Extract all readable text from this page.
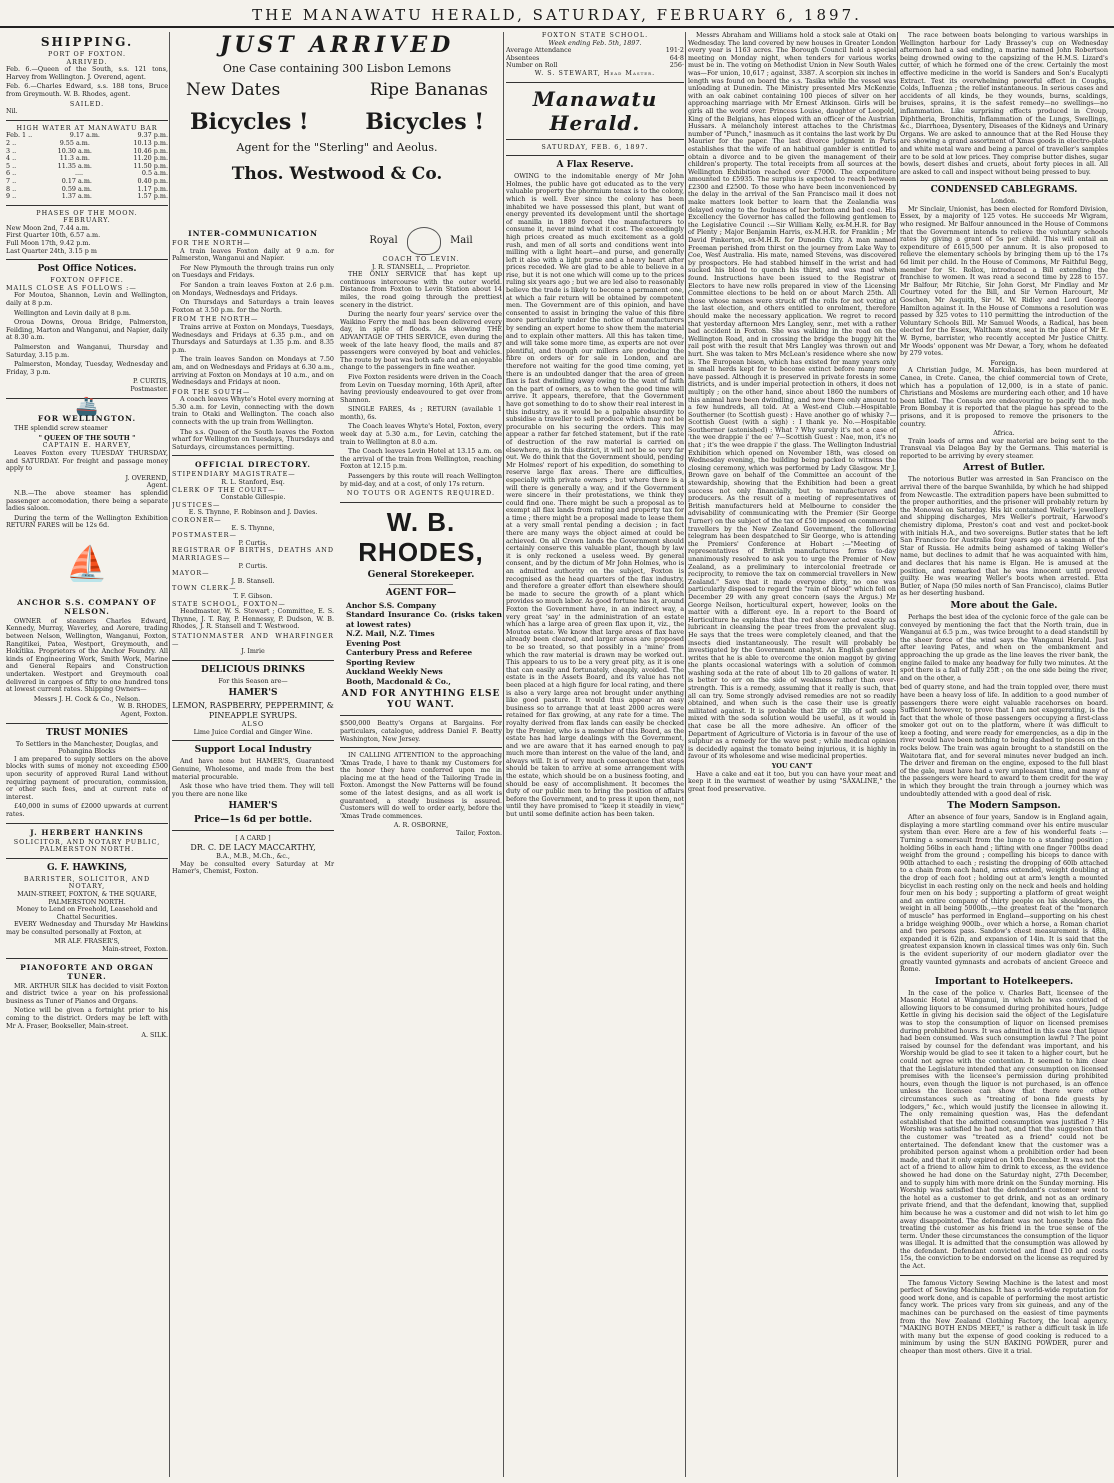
THE MANAWATU HERALD, SATURDAY, FEBRUARY 6, 1897.
SHIPPING.
PORT OF FOXTON.
ARRIVED.

Feb. 6.—Queen of the South, s.s. 121 tons, Harvey from Wellington. J. Overend, agent.

Feb. 6.—Charles Edward, s.s. 188 tons, Bruce from Greymouth. W. B. Rhodes, agent.

SAILED.

Nil.

HIGH WATER AT MANAWATU BAR
Feb. 1 ..	9.17 a.m.	9.37 p.m.
2 ..	9.55 a.m.	10.13 p.m.
3 ..	10.30 a.m.	10.46 p.m.
4 ..	11.3 a.m.	11.20 p.m.
5 ..	11.35 a.m.	11.50 p.m.
6 ..	....	0.5 a.m.
7 ..	0.17 a.m.	0.40 p.m.
8 ..	0.59 a.m.	1.17 p.m.
9 ..	1.37 a.m.	1.57 p.m.
PHASES OF THE MOON.
FEBRUARY.
New Moon 2nd, 7.44 a.m.
First Quarter 10th, 6.57 a.m.
Full Moon 17th, 9.42 p.m.
Last Quarter 24th, 3.15 p m
Post Office Notices.
FOXTON OFFICE.
MAILS CLOSE AS FOLLOWS :—

For Moutoa, Shannon, Levin and Wellington, daily at 8 p.m.

Wellington and Levin daily at 8 p.m.

Oroua Downs, Oroua Bridge, Palmerston, Feilding, Marton and Wanganui, and Napier, daily at 8.30 a.m.

Palmerston and Wanganui, Thursday and Saturday, 3.15 p.m.

Palmerston, Monday, Tuesday, Wednesday and Friday, 3 p.m.

P. CURTIS,
Postmaster.
🚢
FOR WELLINGTON.

THE splendid screw steamer

" QUEEN OF THE SOUTH "
CAPTAIN E. HARVEY,

Leaves Foxton every TUESDAY THURSDAY, and SATURDAY. For freight and passage money apply to

J. OVEREND,
Agent.

N.B.—The above steamer has splendid passenger accomodation, there being a separate ladies saloon.

During the term of the Wellington Exhibition RETURN FARES will be 12s 6d.

⛵
ANCHOR S.S. COMPANY OF NELSON.

OWNER of steamers Charles Edward, Kennedy, Murray, Waverley, and Aorere, trading between Nelson, Wellington, Wanganui, Foxton, Rangitikei, Patea, Westport, Greymouth, and Hokitika. Proprietors of the Anchor Foundry. All kinds of Engineering Work, Smith Work, Marine and General Repairs and Construction undertaken. Westport and Greymouth coal delivered in cargoes of fifty to one hundred tons at lowest current rates. Shipping Owners—

Messrs J. H. Cock & Co., Nelson.
W. B. RHODES,
Agent, Foxton.
TRUST MONIES
To Settlers in the Manchester, Douglas, and Pohangina Blocks

I am prepared to supply settlers on the above blocks with sums of money not exceeding £500 upon security of approved Rural Land without requiring payment of procuration, commission, or other such fees, and at current rate of interest.

£40,000 in sums of £2000 upwards at current rates.

J. HERBERT HANKINS
SOLICITOR, AND NOTARY PUBLIC,
PALMERSTON NORTH.
G. F. HAWKINS,
BARRISTER, SOLICITOR, AND NOTARY,
MAIN-STREET, FOXTON, & THE SQUARE, PALMERSTON NORTH.
Money to Lend on Freehold, Leasehold and Chattel Securities.

EVERY Wednesday and Thursday Mr Hawkins may be consulted personally at Foxton, at

MR ALF. FRASER'S,
Main-street, Foxton.
PIANOFORTE AND ORGAN TUNER.

MR. ARTHUR SILK has decided to visit Foxton and district twice a year on his professional business as Tuner of Pianos and Organs.

Notice will be given a fortnight prior to his coming to the district. Orders may be left with Mr A. Fraser, Bookseller, Main-street.

A. SILK.
JUST ARRIVED
One Case containing 300 Lisbon Lemons
New Dates	Ripe Bananas
Bicycles !	Bicycles !
Agent for the "Sterling" and Aeolus.
Thos. Westwood & Co.
INTER-COMMUNICATION
FOR THE NORTH—

A train leaves Foxton daily at 9 a.m. for Palmerston, Wanganui and Napier.

For New Plymouth the through trains run only on Tuesdays and Fridays.

For Sandon a train leaves Foxton at 2.6 p.m. on Mondays, Wednesdays and Fridays.

On Thursdays and Saturdays a train leaves Foxton at 3.50 p.m. for the North.

FROM THE NORTH—

Trains arrive at Foxton on Mondays, Tuesdays, Wednesdays and Fridays at 6.35 p.m., and on Thursdays and Saturdays at 1.35 p.m. and 8.35 p.m.

The train leaves Sandon on Mondays at 7.50 am, and on Wednesdays and Fridays at 6.30 a.m., arriving at Foxton on Mondays at 10 a.m., and on Wednesdays and Fridays at noon.

FOR THE SOUTH—

A coach leaves Whyte's Hotel every morning at 5.30 a.m. for Levin, connecting with the down train to Otaki and Wellington. The coach also connects with the up train from Wellington.

The s.s. Queen of the South leaves the Foxton wharf for Wellington on Tuesdays, Thursdays and Saturdays, circumstances permitting.

OFFICIAL DIRECTORY.
STIPENDIARY MAGISTRATE—
R. L. Stanford, Esq.
CLERK OF THE COURT—
Constable Gillespie.
JUSTICES—
E. S. Thynne, F. Robinson and J. Davies.
CORONER—
E. S. Thynne,
POSTMASTER—
P. Curtis.
REGISTRAR OF BIRTHS, DEATHS AND MARRIAGES—
P. Curtis.
MAYOR—
J. B. Stansell.
TOWN CLERK—
T. F. Gibson.
STATE SCHOOL, FOXTON—

Headmaster, W. S. Stewart ; Committee, E. S. Thynne, J. T. Ray, P. Hennessy, P. Dudson, W. B. Rhodes, J. R. Stansell and T. Westwood.

STATIONMASTER AND WHARFINGER—
J. Imrie
DELICIOUS DRINKS
For this Season are—
HAMER'S
LEMON, RASPBERRY, PEPPERMINT, & PINEAPPLE SYRUPS.
ALSO
Lime Juice Cordial and Ginger Wine.
Support Local Industry

And have none but HAMER'S, Guaranteed Genuine, Wholesome, and made from the best material procurable.

Ask those who have tried them. They will tell you there are none like

HAMER'S
Price—1s 6d per bottle.
[ A CARD ]
DR. C. DE LACY MACCARTHY,
B.A., M.B., M.Ch., &c.,

May be consulted every Saturday at Mr Hamer's, Chemist, Foxton.

Royal	Mail
COACH TO LEVIN.
J. R. STANSELL, ... Proprietor.

THE ONLY SERVICE that has kept up continuous intercourse with the outer world. Distance from Foxton to Levin Station about 14 miles, the road going through the prettiest scenery in the district.

During the nearly four years' service over the Waikino Ferry the mail has been delivered every day, in spite of floods. As showing THE ADVANTAGE OF THIS SERVICE, even during the week of the late heavy flood, the mails and 87 passengers were conveyed by boat and vehicles. The route by boat was both safe and an enjoyable change to the passengers in fine weather.

Five Foxton residents were driven in the Coach from Levin on Tuesday morning, 16th April, after having previously endeavoured to get over from Shannon.

SINGLE FARES, 4s ; RETURN (available 1 month), 6s.

The Coach leaves Whyte's Hotel, Foxton, every week day at 5.30 a.m., for Levin, catching the train to Wellington at 8.0 a.m.

The Coach leaves Levin Hotel at 13.15 a.m. on the arrival of the train from Wellington, reaching Foxton at 12.15 p.m.

Passengers by this route will reach Wellington by mid-day, and at a cost, of only 17s return.

NO TOUTS OR AGENTS REQUIRED.
W. B. RHODES,
General Storekeeper.
AGENT FOR—
Anchor S.S. Company
Standard Insurance Co. (risks taken at lowest rates)
N.Z. Mail, N.Z. Times
Evening Post
Canterbury Press and Referee
Sporting Review
Auckland Weekly News
Booth, Macdonald & Co.,
AND FOR ANYTHING ELSE YOU WANT.

$500,000 Beatty's Organs at Bargains. For particulars, catalogue, address Daniel F. Beatty Washington, New Jersey.

IN CALLING ATTENTION to the approaching 'Xmas Trade, I have to thank my Customers for the honor they have conferred upon me in placing me at the head of the Tailoring Trade in Foxton. Amongst the New Patterns will be found some of the latest designs, and as all work is guaranteed, a steady business is assured. Customers will do well to order early, before the 'Xmas Trade commences.

A. R. OSBORNE,
Tailor, Foxton.
FOXTON STATE SCHOOL.
Week ending Feb. 5th, 1897.
Average Attendance	191·2
Absentees	64·8
Number on Roll	256·
W. S. STEWART, Head Master.
Manawatu Herald.
SATURDAY, FEB. 6, 1897.
A Flax Reserve.

OWING to the indomitable energy of Mr John Holmes, the public have got educated as to the very valuable property the phormium tenax is to the colony, which is well. Ever since the colony has been inhabited we have possessed this plant, but want of energy prevented its development until the shortage of manilla in 1889 forced the manufacturers to consume it, never mind what it cost. The exceedingly high prices created as much excitement as a gold rush, and men of all sorts and conditions went into milling with a light heart—and purse, and generally left it also with a light purse and a heavy heart after prices receded. We are glad to be able to believe in a rise, but it is not one which will come up to the prices ruling six years ago ; but we are led also to reasonably believe the trade is likely to become a permanent one, at which a fair return will be obtained by competent men. The Government are of this opinion, and have consented to assist in bringing the value of this fibre more particularly under the notice of manufacturers by sending an expert home to show them the material and to explain other matters. All this has taken time, and will take some more time, as experts are not over plentiful, and though our millers are producing the fibre on orders or for sale in London, and are therefore not waiting for the good time coming, yet there is an undoubted danger that the area of green flax is fast dwindling away owing to the want of faith on the part of owners, as to when the good time will arrive. It appears, therefore, that the Government have got something to do to show their real interest in this industry, as it would be a palpable absurdity to subsidise a traveller to sell produce which may not be procurable on his securing the orders. This may appear a rather far fetched statement, but if the rate of destruction of the raw material is carried on elsewhere, as in this district, it will not be so very far out. We do think that the Government should, pending Mr Holmes' report of his expedition, do something to reserve large flax areas. There are difficulties, especially with private owners ; but where there is a will there is generally a way, and if the Government were sincere in their protestations, we think they could find one. There might be such a proposal as to exempt all flax lands from rating and property tax for a time ; there might be a proposal made to lease them at a very small rental pending a decision ; in fact there are many ways the object aimed at could be achieved. On all Crown lands the Government should certainly conserve this valuable plant, though by law it is only reckoned a useless weed. By general consent, and by the dictum of Mr John Holmes, who is an admitted authority on the subject, Foxton is recognised as the head quarters of the flax industry, and therefore a greater effort than elsewhere should be made to secure the growth of a plant which provides so much labor. As good fortune has it, around Foxton the Government have, in an indirect way, a very great 'say' in the administration of an estate which has a large area of green flax upon it, viz., the Moutoa estate. We know that large areas of flax have already been cleared, and larger areas are proposed to be so treated, so that possibly in a 'mine' from which the raw material is drawn may be worked out. This appears to us to be a very great pity, as it is one that can easily and fortunately, cheaply, avoided. The estate is in the Assets Board, and its value has not been placed at a high figure for local rating, and there is also a very large area not brought under anything like good pasture. It would thus appear an easy business so to arrange that at least 2000 acres were retained for flax growing, at any rate for a time. The royalty derived from flax lands can easily be checked by the Premier, who is a member of this Board, as the estate has had large dealings with the Government, and we are aware that it has earned enough to pay much more than interest on the value of the land, and always will. It is of very much consequence that steps should be taken to arrive at some arrangement with the estate, which should be on a business footing, and should be easy of accomplishment. It becomes the duty of our public men to bring the position of affairs before the Government, and to press it upon them, not until they have promised to "keep it steadily in view," but until some definite action has been taken.

Messrs Abraham and Williams hold a stock sale at Otaki on Wednesday. The land covered by new houses in Greater London every year is 1163 acres. The Borough Council hold a special meeting on Monday night, when tenders for various works must be in. The voting on Methodist Union in New South Wales was—For union, 10,617 ; against, 3387. A scorpion six inches in length was found on board the s.s. Tasika while the vessel was unloading at Dunedin. The Ministry presented Mrs McKenzie with an oak cabinet containing 100 pieces of silver on her approaching marriage with Mr Ernest Atkinson. Girls will be girls all the world over. Princess Louise, daughter of Leopold, King of the Belgians, has eloped with an officer of the Austrian Hussars. A melancholy interest attaches to the Christmas number of "Punch," inasmuch as it contains the last work by Du Maurier for the paper. The last divorce judgment in Paris establishes that the wife of an habitual gambler is entitled to obtain a divorce and to be given the management of their children's property. The total receipts from all sources at the Wellington Exhibition reached over £7000. The expenditure amounted to £5935. The surplus is expected to reach between £2300 and £2500. To those who have been inconvenienced by the delay in the arrival of the San Francisco mail it does not make matters look better to learn that the Zealandia was delayed owing to the foulness of her bottom and bad coal. His Excellency the Governor has called the following gentlemen to the Legislative Council :—Sir William Kelly, ex-M.H.R. for Bay of Plenty ; Major Benjamin Harris, ex-M.H.R. for Franklin ; Mr David Pinkerton, ex-M.H.R. for Dunedin City. A man named Freeman perished from thirst on the journey from Lake Way to Coe, West Australia. His mate, named Stevens, was discovered by prospectors. He had stabbed himself in the wrist and had sucked his blood to quench his thirst, and was mad when found. Instructions have been issued to the Registrar of Electors to have new rolls prepared in view of the Licensing Committee elections to be held on or about March 25th. All those whose names were struck off the rolls for not voting at the last election, and others entitled to enrolment, therefore should make the necessary application. We regret to record that yesterday afternoon Mrs Langley, senr., met with a rather bad accident in Foxton. She was walking in the road on the Wellington Road, and in crossing the bridge the buggy hit the rail post with the result that Mrs Langley was thrown out and hurt. She was taken to Mrs McLean's residence where she now is. The European bison, which has existed for many years only in small herds kept for to become extinct before many more have passed. Although it is preserved in private forests in some districts, and is under imperial protection in others, it does not multiply ; on the other hand, since about 1860 the numbers of this animal have been dwindling, and now there only amount to a few hundreds, all told. At a West-end Club.—Hospitable Southerner (to Scottish guest) : Have another go of whisky ?—Scottish Guest (with a sigh) : I thank ye. No.—Hospitable Southerner (astonished) : What ? Why surely it's not a case of 'the wee drappie i' the ee' ?—Scottish Guest : Nae, mon, it's no that ; it's the wee drappie i' the glass. The Wellington Industrial Exhibition which opened on November 18th, was closed on Wednesday evening, the building being packed to witness the closing ceremony, which was performed by Lady Glasgow. Mr J. Brown gave on behalf of the Committee an account of the stewardship, showing that the Exhibition had been a great success not only financially, but to manufacturers and producers. As the result of a meeting of representatives of British manufacturers held at Melbourne to consider the advisability of communicating with the Premier (Sir George Turner) on the subject of the tax of £50 imposed on commercial travellers by the New Zealand Government, the following telegram has been despatched to Sir George, who is attending the Premiers' Conference at Hobart :—"Meeting of representatives of British manufactures forms to-day unanimously resolved to ask you to urge the Premier of New Zealand, as a preliminary to intercolonial freetrade or reciprocity, to remove the tax on commercial travellers in New Zealand." Save that it made everyone dirty, no one was particularly disposed to regard the "rain of blood" which fell on December 29 with any great concern (says the Argus.) Mr George Neilson, horticultural expert, however, looks on the matter with a different eye. In a report to the Board of Horticulture he explains that the red shower acted exactly as lubricant in cleansing the pear trees from the prevalent slug. He says that the trees were completely cleaned, and that the insects died instantaneously. The result will probably be investigated by the Government analyst. An English gardener writes that he is able to overcome the onion maggot by giving the plants occasional waterings with a solution of common washing soda at the rate of about 1lb to 20 gallons of water. It is better to err on the side of weakness rather than over-strength. This is a remedy, assuming that it really is such, that all can try. Some strongly advised remedies are not so readily obtained, and when such is the case their use is greatly militated against. It is probable that 2lb or 3lb of soft soap mixed with the soda solution would be useful, as it would in that case be all the more adhesive. An officer of the Department of Agriculture of Victoria is in favour of the use of sulphur as a remedy for the wave pest ; while medical opinion is decidedly against the tomato being injurious, it is highly in favour of its wholesome and wise medicinal properties.

YOU CAN'T

Have a cake and eat it too, but you can have your meat and keep it in the warmest of weather by using "SAXALINE," the great food preservative.

The race between boats belonging to various warships in Wellington harbour for Lady Brassey's cup on Wednesday afternoon had a sad ending, a marine named John Robertson being drowned owing to the capsizing of the H.M.S. Lizard's cutter, of which he formed one of the crew. Certainly the most effective medicine in the world is Sanders and Son's Eucalypti Extract. Test its overwhelming powerful effect in Coughs, Colds, Influenza ; the relief instantaneous. In serious cases and accidents of all kinds, be they wounds, burns, scaldings, bruises, sprains, it is the safest remedy—no swellings—no inflammation. Like surprising effects produced in Croup, Diphtheria, Bronchitis, Inflammation of the Lungs, Swellings, &c., Diarrhoea, Dysentery, Diseases of the Kidneys and Urinary Organs. We are asked to announce that at the Red House they are showing a grand assortment of Xmas goods in electro-plate and white metal ware and being a parcel of traveller's samples are to be sold at low prices. They comprise butter dishes, sugar bowls, desert dishes and cruets, about forty pieces in all. All are asked to call and inspect without being pressed to buy.

CONDENSED CABLEGRAMS.
London.

Mr Sinclair, Unionist, has been elected for Romford Division, Essex, by a majority of 125 votes. He succeeds Mr Wigram, who resigned. Mr Balfour announced in the House of Commons that the Government intends to relieve the voluntary schools rates by giving a grant of 5s per child. This will entail an expenditure of £615,500 per annum. It is also proposed to relieve the elementary schools by bringing them up to the 17s 6d limit per child. In the House of Commons, Mr Faithful Begg, member for St. Rollox, introduced a Bill extending the franchise to women. It was read a second time by 228 to 157. Mr Balfour, Mr Ritchie, Sir John Gorst, Mr Findlay and Mr Courtney voted for the Bill, and Sir Vernon Harcourt, Mr Goschen, Mr Asquith, Sir M. W. Ridley and Lord George Hamilton against it. In the House of Commons a resolution was passed by 325 votes to 110 permitting the introduction of the Voluntary Schools Bill. Mr Samuel Woods, a Radical, has been elected for the Essex, Waltham stow, seat in the place of Mr E. W. Byrne, barrister, who recently accepted Mr Justice Chitty. Mr Woods' opponent was Mr Dewar, a Tory, whom he defeated by 279 votes.

Foreign.

A Christian Judge, M. Markulakis, has been murdered at Canea, in Crete. Canea, the chief commercial town of Crete, which has a population of 12,000, is in a state of panic. Christians and Moslems are murdering each other, and 10 have been killed. The Consuls are endeavouring to pacify the mob. From Bombay it is reported that the plague has spread to the prisons, and it is proposed to remove the prisoners to the country.

Africa.

Train loads of arms and war material are being sent to the Transvaal via Delagoa Bay by the Germans. This material is reported to be arriving by every steamer.

Arrest of Butler.

The notorious Butler was arrested in San Francisco on the arrival there of the barque Swanhilda, by which he had shipped from Newcastle. The extradition papers have been submitted to the proper authorities, and the prisoner will probably return by the Monowai on Saturday. His kit contained Weller's jewellery and shipping discharges, Mrs Weller's portrait, Harwood's chemistry diploma, Preston's coat and vest and pocket-book with initials H.A., and two sovereigns. Butler states that he left San Francisco for Australia four years ago as a seaman of the Star of Russia. He admits being ashamed of taking Weller's name, but declines to admit that he was acquainted with him, and declares that his name is Elgan. He is amused at the position, and remarked that he was innocent until proved guilty. He was wearing Weller's boots when arrested. Etta Butler, of Napa (50 miles north of San Francisco), claims Butler as her deserting husband.

More about the Gale.

Perhaps the best idea of the cyclonic force of the gale can be conveyed by mentioning the fact that the North train, due in Wanganui at 6.5 p.m., was twice brought to a dead standstill by the sheer force of the wind says the Wanganui Herald. Just after leaving Pates, and when on the embankment and approaching the up grade as the line leaves the river bank, the engine failed to make any headway for fully two minutes. At the spot there is a fall of fully 25ft ; on the one side being the river, and on the other, a

bed of quarry stone, and had the train toppled over, there must have been a heavy loss of life. In addition to a good number of passengers there were eight valuable racehorses on board. Sufficient however, to prove that I am not exaggerating, is the fact that the whole of those passengers occupying a first-class smoker got out on to the platform, where it was difficult to keep a footing, and were ready for emergencies, as a dip in the river would have been nothing to being dashed to pieces on the rocks below. The train was again brought to a standstill on the Waitotara flat, and for several minutes never budged an inch. The driver and fireman on the engine, exposed to the full blast of the gale, must have had a very unpleasant time, and many of the passengers were heard to award to them credit for the way in which they brought the train through a journey which was undoubtedly attended with a good deal of risk.

The Modern Sampson.

After an absence of four years, Sandow is in England again, displaying a more startling command over his entire muscular system than ever. Here are a few of his wonderful feats :—Turning a somersault from the lunge to a standing position ; holding 56lbs in each hand ; lifting with one finger 700lbs dead weight from the ground ; compelling his biceps to dance with 90lb attached to each ; resisting the dropping of 60lb attached to a chain from each hand, arms extended, weight doubling at the drop of each foot ; holding out at arm's length a mounted bicyclist in each resting only on the neck and heels and holding four men on his body ; supporting a platform of great weight and an entire company of thirty people on his shoulders, the weight in all being 5000lb.,—the greatest feat of the "monarch of muscle" has performed in England—supporting on his chest a bridge weighing 900lb., over which a horse, a Roman chariot and two persons pass. Sandow's chest measurement is 48in, expanded it is 62in, and expansion of 14in. It is said that the greatest expansion known in classical times was only 6in. Such is the evident superiority of our modern gladiator over the greatly vaunted gymnasts and acrobats of ancient Greece and Rome.

Important to Hotelkeepers.

In the case of the police v. Charles Batt, licensee of the Masonic Hotel at Wanganui, in which he was convicted of allowing liquors to be consumed during prohibited hours, Judge Kettle in giving his decision said the object of the Legislature was to stop the consumption of liquor on licensed premises during prohibited hours. It was admitted in this case that liquor had been consumed. Was such consumption lawful ? The point raised by counsel for the defendant was important, and his Worship would be glad to see it taken to a higher court, but he could not agree with the contention. It seemed to him clear that the Legislature intended that any consumption on licensed premises with the licensee's permission during prohibited hours, even though the liquor is not purchased, is an offence unless the licensee can show that there were other circumstances such as "treating of bona fide guests by lodgers," &c., which would justify the licensee in allowing it. The only remaining question was, Has the defendant established that the admitted consumption was justified ? His Worship was satisfied he had not, and that the suggestion that the customer was "treated as a friend" could not be entertained. The defendant knew that the customer was a prohibited person against whom a prohibition order had been made, and that it only expired on 10th December. It was not the act of a friend to allow him to drink to excess, as the evidence showed he had done on the Saturday night, 27th December, and to supply him with more drink on the Sunday morning. His Worship was satisfied that the defendant's customer went to the hotel as a customer to get drink, and not as an ordinary private friend, and that the defendant, knowing that, supplied him because he was a customer and did not wish to let him go away disappointed. The defendant was not honestly bona fide treating the customer as his friend in the true sense of the term. Under these circumstances the consumption of the liquor was illegal. It is admitted that the consumption was allowed by the defendant. Defendant convicted and fined £10 and costs 15s, the conviction to be endorsed on the license as required by the Act.

The famous Victory Sewing Machine is the latest and most perfect of Sewing Machines. It has a world-wide reputation for good work done, and is capable of performing the most artistic fancy work. The prices vary from six guineas, and any of the machines can be purchased on the easiest of time payments from the New Zealand Clothing Factory, the local agency. "MAKING BOTH ENDS MEET," is rather a difficult task in life with many but the expense of good cooking is reduced to a minimum by using the SUN BAKING POWDER, purer and cheaper than most others. Give it a trial.
